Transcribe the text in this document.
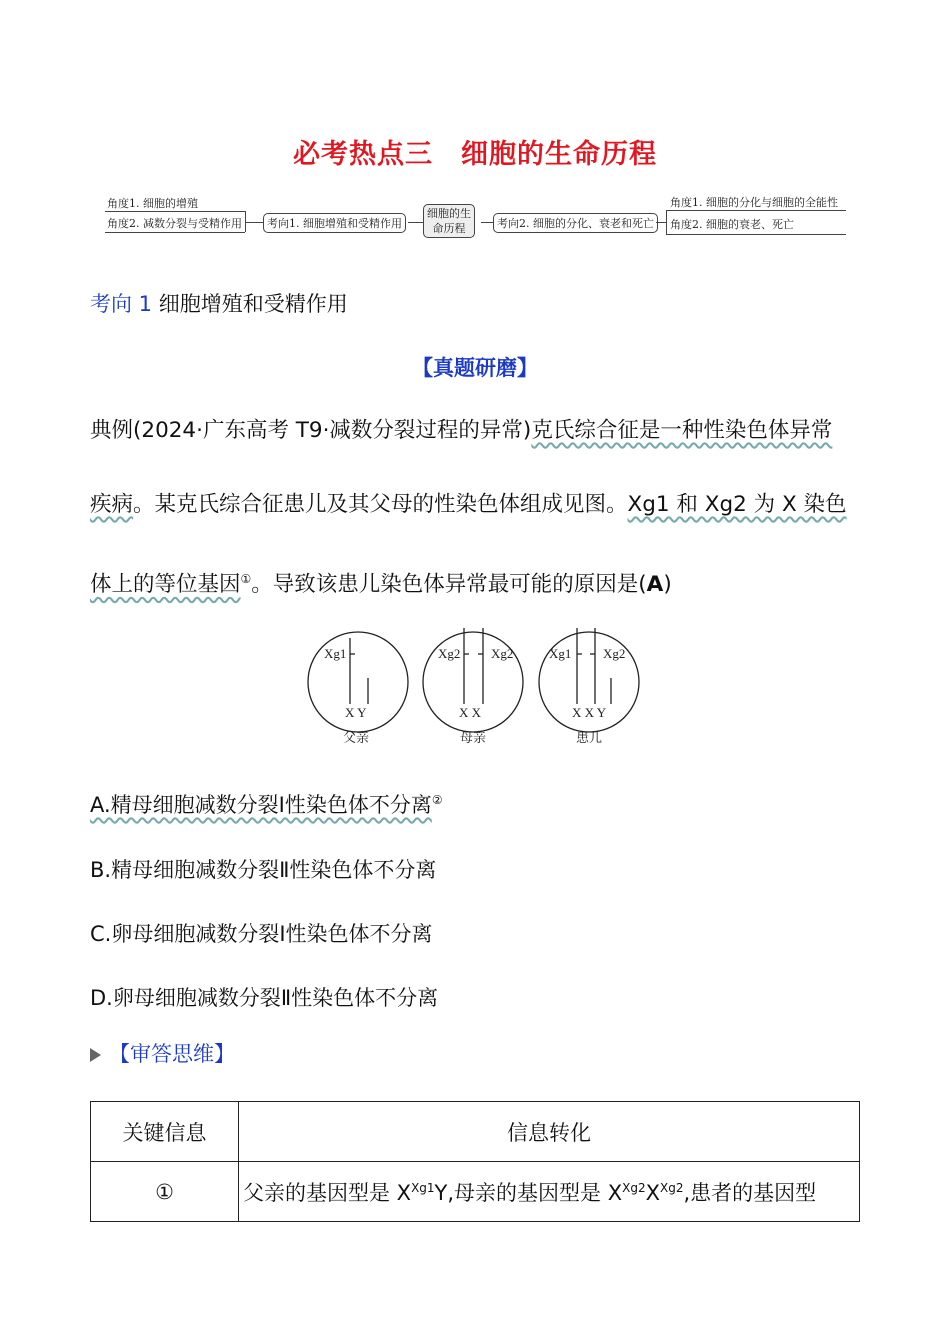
必考热点三　细胞的生命历程
角度1. 细胞的增殖
角度2. 减数分裂与受精作用	考向1. 细胞增殖和受精作用
细胞的生
命历程	考向2. 细胞的分化、衰老和死亡
角度1. 细胞的分化与细胞的全能性
角度2. 细胞的衰老、死亡
考向 1 细胞增殖和受精作用
【真题研磨】
典例(2024·广东高考 T9·减数分裂过程的异常)克氏综合征是一种性染色体异常
疾病。某克氏综合征患儿及其父母的性染色体组成见图。Xg1 和 Xg2 为 X 染色
体上的等位基因①。导致该患儿染色体异常最可能的原因是(A)
Xg1
X Y
父亲
Xg2 Xg2
X X
母亲
Xg1 Xg2
X X Y
患儿
A.精母细胞减数分裂Ⅰ性染色体不分离②
B.精母细胞减数分裂Ⅱ性染色体不分离
C.卵母细胞减数分裂Ⅰ性染色体不分离
D.卵母细胞减数分裂Ⅱ性染色体不分离
【审答思维】
关键信息	信息转化
①	父亲的基因型是 $X^{Xg1}Y$,母亲的基因型是 $X^{Xg2}X^{Xg2}$,患者的基因型
